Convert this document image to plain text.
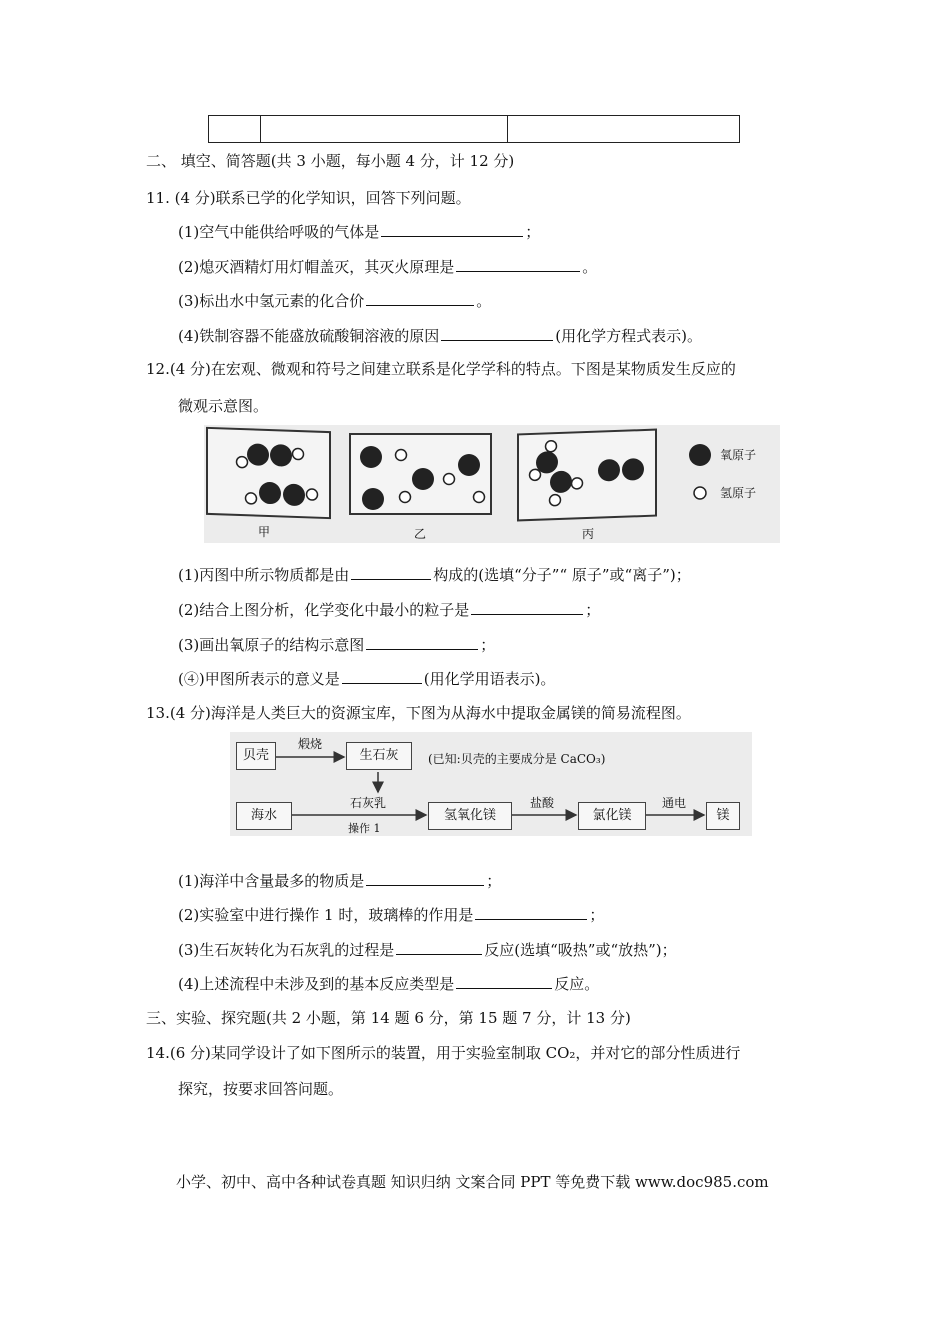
二、 填空、简答题(共 3 小题，每小题 4 分，计 12 分)
11. (4 分)联系已学的化学知识，回答下列问题。
(1)空气中能供给呼吸的气体是	；
(2)熄灭酒精灯用灯帽盖灭，其灭火原理是	。
(3)标出水中氢元素的化合价	。
(4)铁制容器不能盛放硫酸铜溶液的原因	(用化学方程式表示)。
12.(4 分)在宏观、微观和符号之间建立联系是化学学科的特点。下图是某物质发生反应的
微观示意图。
甲	乙	丙
氧原子
氢原子
(1)丙图中所示物质都是由	构成的(选填“分子”“ 原子”或“离子”)；
(2)结合上图分析，化学变化中最小的粒子是	；
(3)画出氧原子的结构示意图	；
(④)甲图所表示的意义是	(用化学用语表示)。
13.(4 分)海洋是人类巨大的资源宝库，下图为从海水中提取金属镁的简易流程图。
贝壳
煅烧
生石灰	(已知:贝壳的主要成分是 CaCO₃)
海水
石灰乳
操作 1
氢氧化镁
盐酸
氯化镁
通电
镁
(1)海洋中含量最多的物质是	；
(2)实验室中进行操作 1 时，玻璃棒的作用是	；
(3)生石灰转化为石灰乳的过程是	反应(选填“吸热”或“放热”)；
(4)上述流程中未涉及到的基本反应类型是	反应。
三、实验、探究题(共 2 小题，第 14 题 6 分，第 15 题 7 分，计 13 分)
14.(6 分)某同学设计了如下图所示的装置，用于实验室制取 CO₂，并对它的部分性质进行
探究，按要求回答问题。
小学、初中、高中各种试卷真题 知识归纳 文案合同 PPT 等免费下载 www.doc985.com
